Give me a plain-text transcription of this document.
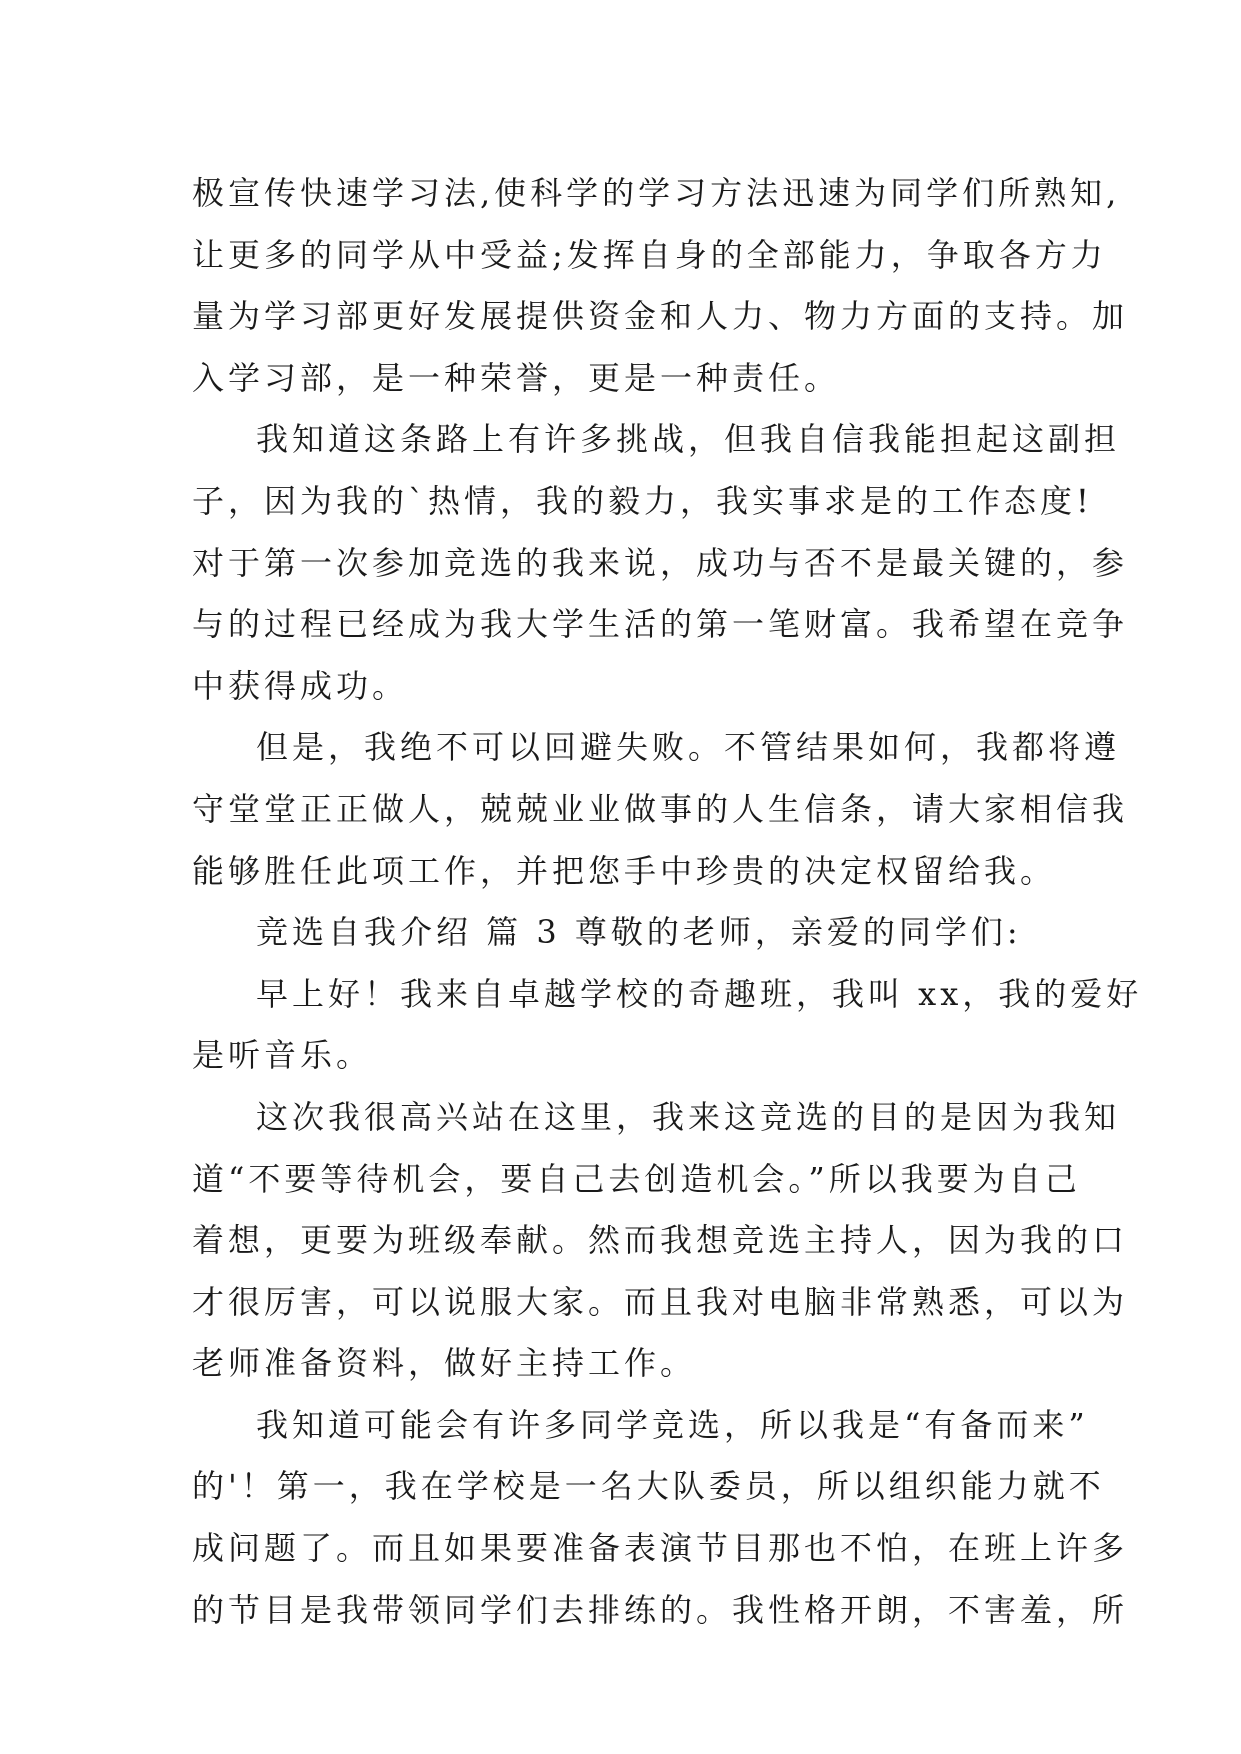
极宣传快速学习法,使科学的学习方法迅速为同学们所熟知,
让更多的同学从中受益;发挥自身的全部能力，争取各方力
量为学习部更好发展提供资金和人力、物力方面的支持。加
入学习部，是一种荣誉，更是一种责任。
我知道这条路上有许多挑战，但我自信我能担起这副担
子，因为我的`热情，我的毅力，我实事求是的工作态度!
对于第一次参加竞选的我来说，成功与否不是最关键的，参
与的过程已经成为我大学生活的第一笔财富。我希望在竞争
中获得成功。
但是，我绝不可以回避失败。不管结果如何，我都将遵
守堂堂正正做人，兢兢业业做事的人生信条，请大家相信我
能够胜任此项工作，并把您手中珍贵的决定权留给我。
竞选自我介绍 篇 3 尊敬的老师，亲爱的同学们:
早上好！我来自卓越学校的奇趣班，我叫 xx，我的爱好
是听音乐。
这次我很高兴站在这里，我来这竞选的目的是因为我知
道“不要等待机会，要自己去创造机会。”所以我要为自己
着想，更要为班级奉献。然而我想竞选主持人，因为我的口
才很厉害，可以说服大家。而且我对电脑非常熟悉，可以为
老师准备资料，做好主持工作。
我知道可能会有许多同学竞选，所以我是“有备而来”
的'！第一，我在学校是一名大队委员，所以组织能力就不
成问题了。而且如果要准备表演节目那也不怕，在班上许多
的节目是我带领同学们去排练的。我性格开朗，不害羞，所
